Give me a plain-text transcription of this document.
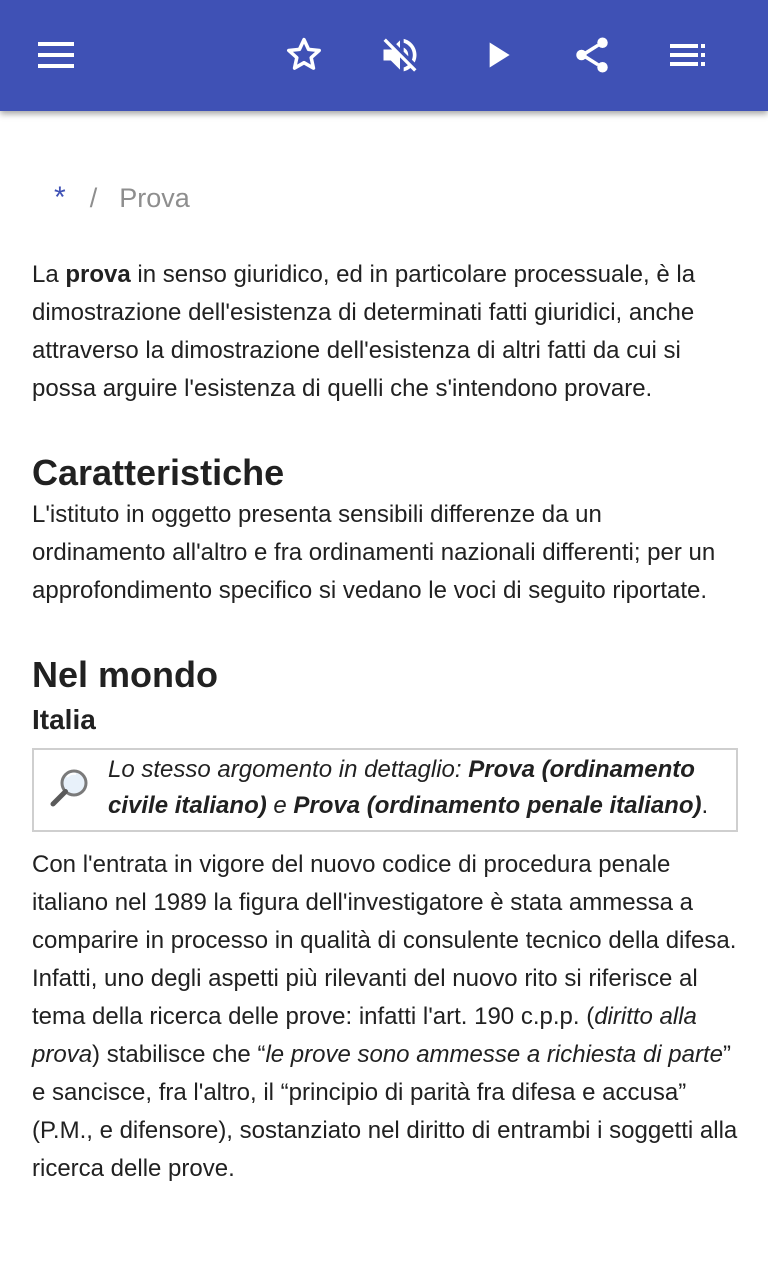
* / Prova

La prova in senso giuridico, ed in particolare processuale, è la dimostrazione dell'esistenza di determinati fatti giuridici, anche attraverso la dimostrazione dell'esistenza di altri fatti da cui si possa arguire l'esistenza di quelli che s'intendono provare.

Caratteristiche

L'istituto in oggetto presenta sensibili differenze da un ordinamento all'altro e fra ordinamenti nazionali differenti; per un approfondimento specifico si vedano le voci di seguito riportate.

Nel mondo
Italia
Lo stesso argomento in dettaglio: Prova (ordinamento civile italiano) e Prova (ordinamento penale italiano).

Con l'entrata in vigore del nuovo codice di procedura penale italiano nel 1989 la figura dell'investigatore è stata ammessa a comparire in processo in qualità di consulente tecnico della difesa. Infatti, uno degli aspetti più rilevanti del nuovo rito si riferisce al tema della ricerca delle prove: infatti l'art. 190 c.p.p. (diritto alla prova) stabilisce che “le prove sono ammesse a richiesta di parte” e sancisce, fra l'altro, il “principio di parità fra difesa e accusa” (P.M., e difensore), sostanziato nel diritto di entrambi i soggetti alla ricerca delle prove.
